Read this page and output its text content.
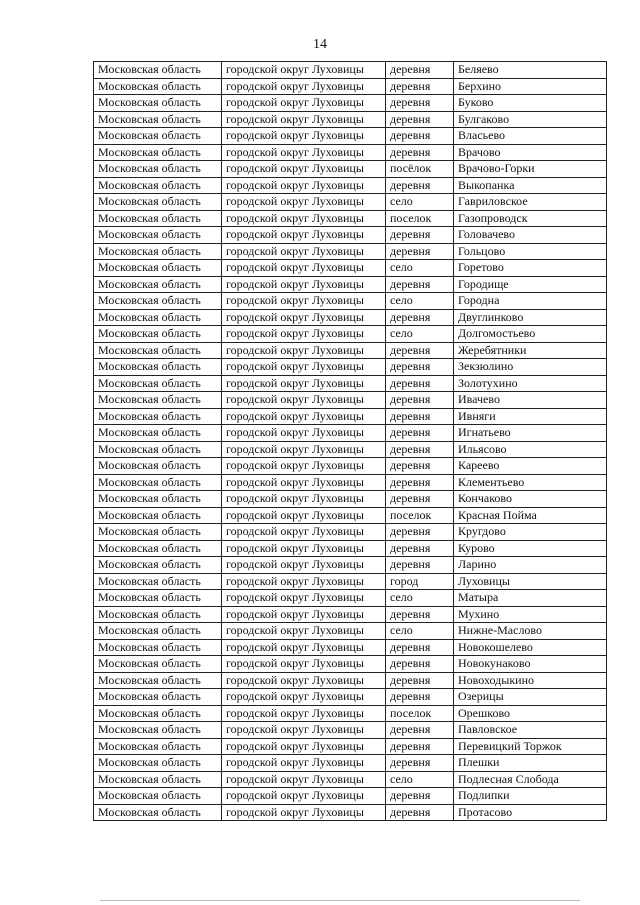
14
Московская область	городской округ Луховицы	деревня	Беляево
Московская область	городской округ Луховицы	деревня	Берхино
Московская область	городской округ Луховицы	деревня	Буково
Московская область	городской округ Луховицы	деревня	Булгаково
Московская область	городской округ Луховицы	деревня	Власьево
Московская область	городской округ Луховицы	деревня	Врачово
Московская область	городской округ Луховицы	посёлок	Врачово-Горки
Московская область	городской округ Луховицы	деревня	Выкопанка
Московская область	городской округ Луховицы	село	Гавриловское
Московская область	городской округ Луховицы	поселок	Газопроводск
Московская область	городской округ Луховицы	деревня	Головачево
Московская область	городской округ Луховицы	деревня	Гольцово
Московская область	городской округ Луховицы	село	Горетово
Московская область	городской округ Луховицы	деревня	Городище
Московская область	городской округ Луховицы	село	Городна
Московская область	городской округ Луховицы	деревня	Двуглинково
Московская область	городской округ Луховицы	село	Долгомостьево
Московская область	городской округ Луховицы	деревня	Жеребятники
Московская область	городской округ Луховицы	деревня	Зекзюлино
Московская область	городской округ Луховицы	деревня	Золотухино
Московская область	городской округ Луховицы	деревня	Ивачево
Московская область	городской округ Луховицы	деревня	Ивняги
Московская область	городской округ Луховицы	деревня	Игнатьево
Московская область	городской округ Луховицы	деревня	Ильясово
Московская область	городской округ Луховицы	деревня	Кареево
Московская область	городской округ Луховицы	деревня	Клементьево
Московская область	городской округ Луховицы	деревня	Кончаково
Московская область	городской округ Луховицы	поселок	Красная Пойма
Московская область	городской округ Луховицы	деревня	Кругдово
Московская область	городской округ Луховицы	деревня	Курово
Московская область	городской округ Луховицы	деревня	Ларино
Московская область	городской округ Луховицы	город	Луховицы
Московская область	городской округ Луховицы	село	Матыра
Московская область	городской округ Луховицы	деревня	Мухино
Московская область	городской округ Луховицы	село	Нижне-Маслово
Московская область	городской округ Луховицы	деревня	Новокошелево
Московская область	городской округ Луховицы	деревня	Новокунаково
Московская область	городской округ Луховицы	деревня	Новоходыкино
Московская область	городской округ Луховицы	деревня	Озерицы
Московская область	городской округ Луховицы	поселок	Орешково
Московская область	городской округ Луховицы	деревня	Павловское
Московская область	городской округ Луховицы	деревня	Перевицкий Торжок
Московская область	городской округ Луховицы	деревня	Плешки
Московская область	городской округ Луховицы	село	Подлесная Слобода
Московская область	городской округ Луховицы	деревня	Подлипки
Московская область	городской округ Луховицы	деревня	Протасово
